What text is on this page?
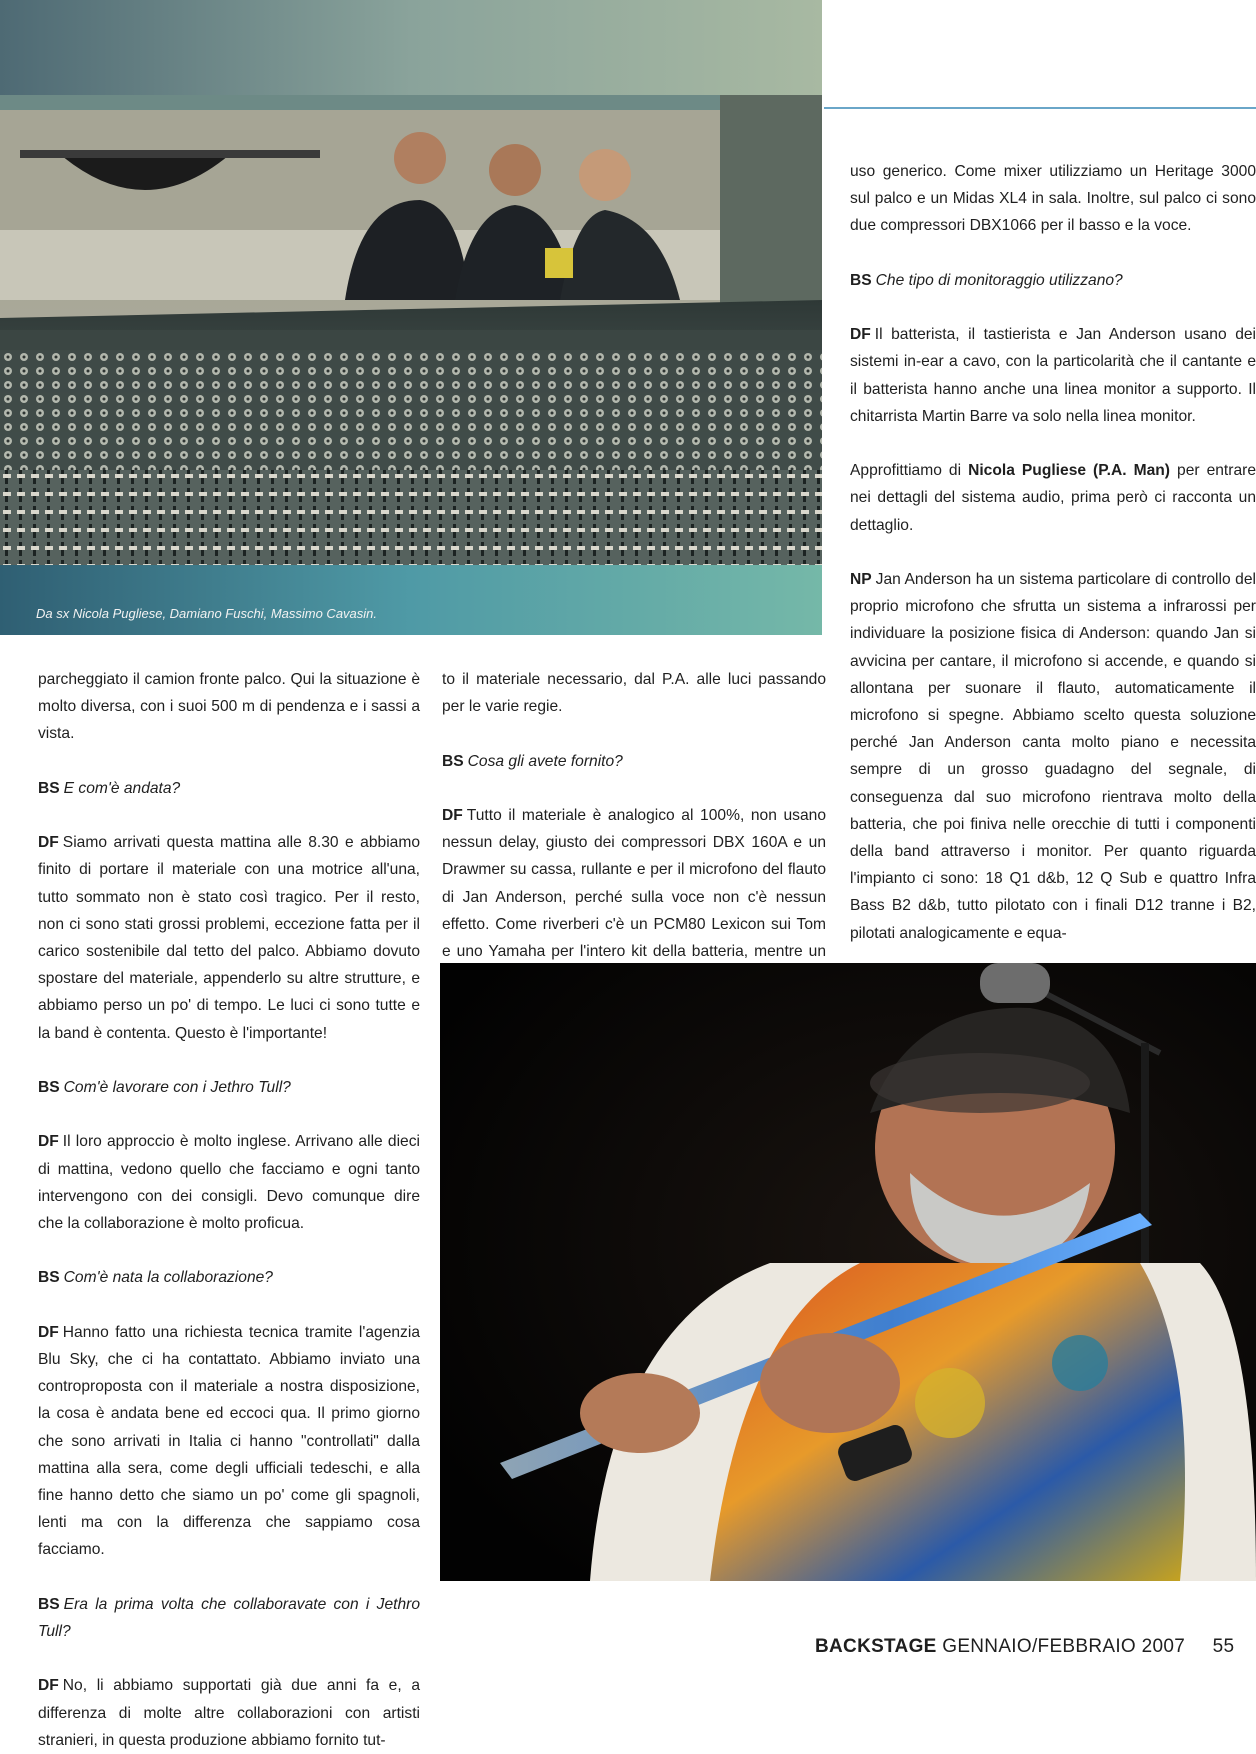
Da sx Nicola Pugliese, Damiano Fuschi, Massimo Cavasin.

uso generico. Come mixer utilizziamo un Heritage 3000 sul palco e un Midas XL4 in sala. Inoltre, sul palco ci sono due compressori DBX1066 per il basso e la voce.

BS Che tipo di monitoraggio utilizzano?

DF Il batterista, il tastierista e Jan Anderson usano dei sistemi in-ear a cavo, con la particolarità che il cantante e il batterista hanno anche una linea monitor a supporto. Il chitarrista Martin Barre va solo nella linea monitor.

Approfittiamo di Nicola Pugliese (P.A. Man) per entrare nei dettagli del sistema audio, prima però ci racconta un dettaglio.

NP Jan Anderson ha un sistema particolare di controllo del proprio microfono che sfrutta un sistema a infrarossi per individuare la posizione fisica di Anderson: quando Jan si avvicina per cantare, il microfono si accende, e quando si allontana per suonare il flauto, automaticamente il microfono si spegne. Abbiamo scelto questa soluzione perché Jan Anderson canta molto piano e necessita sempre di un grosso guadagno del segnale, di conseguenza dal suo microfono rientrava molto della batteria, che poi finiva nelle orecchie di tutti i componenti della band attraverso i monitor. Per quanto riguarda l'impianto ci sono: 18 Q1 d&b, 12 Q Sub e quattro Infra Bass B2 d&b, tutto pilotato con i finali D12 tranne i B2, pilotati analogicamente e equa-

parcheggiato il camion fronte palco. Qui la situazione è molto diversa, con i suoi 500 m di pendenza e i sassi a vista.

BS E com'è andata?

DF Siamo arrivati questa mattina alle 8.30 e abbiamo finito di portare il materiale con una motrice all'una, tutto sommato non è stato così tragico. Per il resto, non ci sono stati grossi problemi, eccezione fatta per il carico sostenibile dal tetto del palco. Abbiamo dovuto spostare del materiale, appenderlo su altre strutture, e abbiamo perso un po' di tempo. Le luci ci sono tutte e la band è contenta. Questo è l'importante!

BS Com'è lavorare con i Jethro Tull?

DF Il loro approccio è molto inglese. Arrivano alle dieci di mattina, vedono quello che facciamo e ogni tanto intervengono con dei consigli. Devo comunque dire che la collaborazione è molto proficua.

BS Com'è nata la collaborazione?

DF Hanno fatto una richiesta tecnica tramite l'agenzia Blu Sky, che ci ha contattato. Abbiamo inviato una controproposta con il materiale a nostra disposizione, la cosa è andata bene ed eccoci qua. Il primo giorno che sono arrivati in Italia ci hanno "controllati" dalla mattina alla sera, come degli ufficiali tedeschi, e alla fine hanno detto che siamo un po' come gli spagnoli, lenti ma con la differenza che sappiamo cosa facciamo.

BS Era la prima volta che collaboravate con i Jethro Tull?

DF No, li abbiamo supportati già due anni fa e, a differenza di molte altre collaborazioni con artisti stranieri, in questa produzione abbiamo fornito tut-

to il materiale necessario, dal P.A. alle luci passando per le varie regie.

BS Cosa gli avete fornito?

DF Tutto il materiale è analogico al 100%, non usano nessun delay, giusto dei compressori DBX 160A e un Drawmer su cassa, rullante e per il microfono del flauto di Jan Anderson, perché sulla voce non c'è nessun effetto. Come riverberi c'è un PCM80 Lexicon sui Tom e uno Yamaha per l'intero kit della batteria, mentre un

BACKSTAGE GENNAIO/FEBBRAIO 2007 55
